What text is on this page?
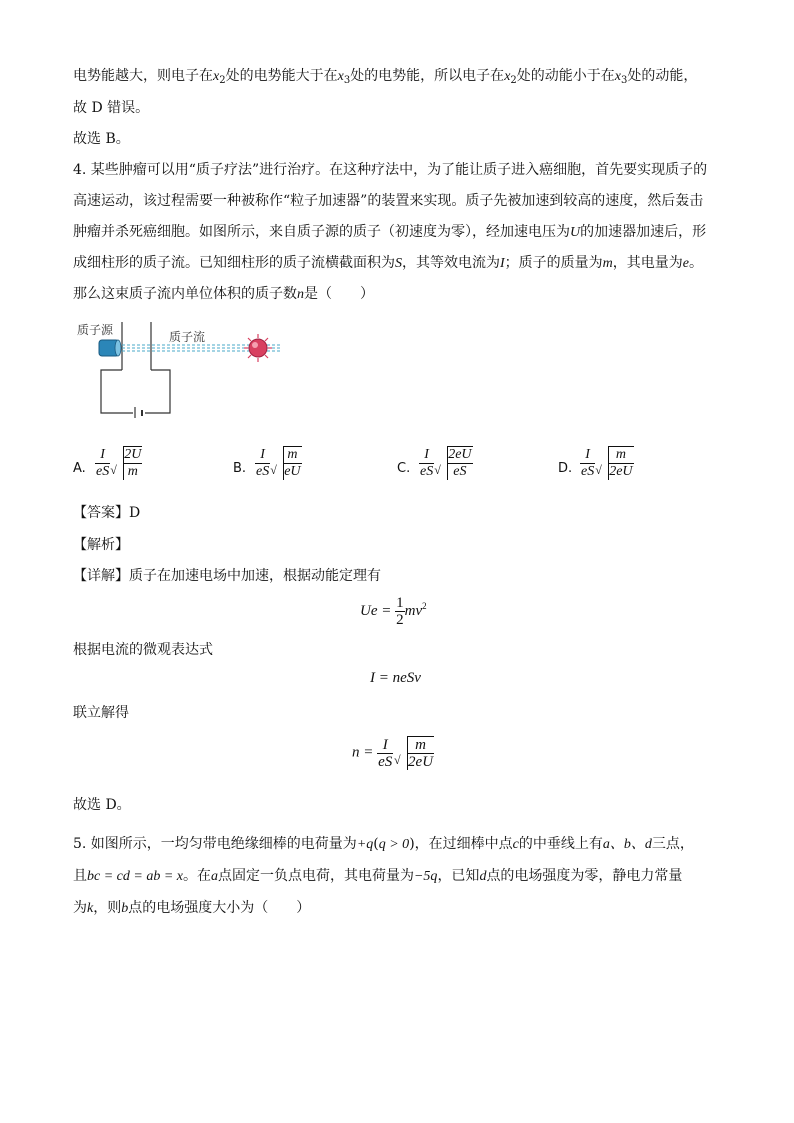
电势能越大，则电子在$x_2$处的电势能大于在$x_3$处的电势能，所以电子在$x_2$处的动能小于在$x_3$处的动能，
故 D 错误。
故选 B。
4. 某些肿瘤可以用“质子疗法”进行治疗。在这种疗法中，为了能让质子进入癌细胞，首先要实现质子的
高速运动，该过程需要一种被称作“粒子加速器”的装置来实现。质子先被加速到较高的速度，然后轰击
肿瘤并杀死癌细胞。如图所示，来自质子源的质子（初速度为零），经加速电压为U的加速器加速后，形
成细柱形的质子流。已知细柱形的质子流横截面积为S，其等效电流为I；质子的质量为m，其电量为e。
那么这束质子流内单位体积的质子数n是（　　）
质子源	质子流
A. $\frac{I}{eS}$ √ $\frac{2U}{m}$	B. $\frac{I}{eS}$ √ $\frac{m}{eU}$	C. $\frac{I}{eS}$ √ $\frac{2eU}{eS}$	D. $\frac{I}{eS}$ √ $\frac{m}{2eU}$
【答案】D
【解析】
【详解】质子在加速电场中加速，根据动能定理有
$Ue = \frac{1}{2} mv^2$
根据电流的微观表达式
I = neSv
联立解得
$n = \frac{I}{eS}$
√ $\frac{m}{2eU}$
故选 D。
5. 如图所示，一均匀带电绝缘细棒的电荷量为+q(q > 0)，在过细棒中点c的中垂线上有a、b、d三点，
且bc = cd = ab = x。在a点固定一负点电荷，其电荷量为−5q，已知d点的电场强度为零，静电力常量
为k，则b点的电场强度大小为（　　）
